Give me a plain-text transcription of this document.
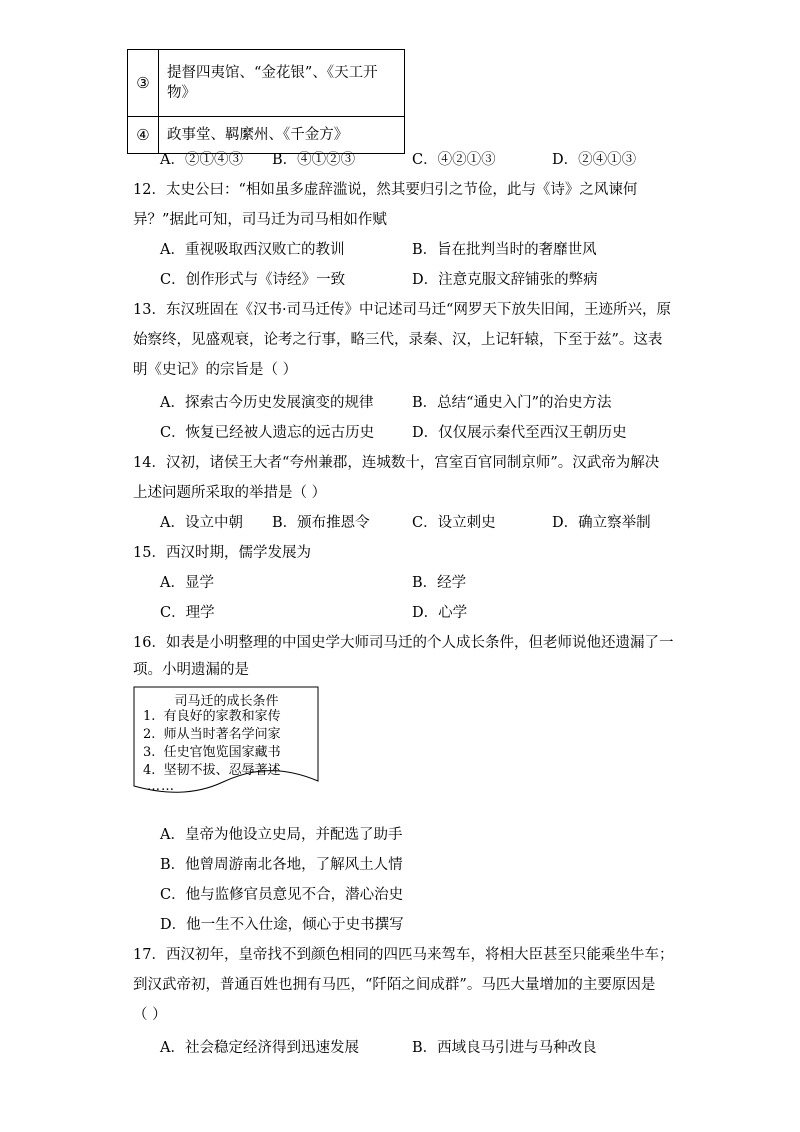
③	提督四夷馆、“金花银”、《天工开物》
④	政事堂、羁縻州、《千金方》
A．②①④③ B．④①②③	C．④②①③	D．②④①③
12．太史公曰：“相如虽多虚辞滥说，然其要归引之节俭，此与《诗》之风谏何
异？”据此可知，司马迁为司马相如作赋
A．重视吸取西汉败亡的教训	B．旨在批判当时的奢靡世风
C．创作形式与《诗经》一致	D．注意克服文辞铺张的弊病
13．东汉班固在《汉书·司马迁传》中记述司马迁“网罗天下放失旧闻，王迹所兴，原
始察终，见盛观衰，论考之行事，略三代，录秦、汉，上记轩辕，下至于兹”。这表
明《史记》的宗旨是（ ）
A．探索古今历史发展演变的规律	B．总结“通史入门”的治史方法
C．恢复已经被人遗忘的远古历史	D．仅仅展示秦代至西汉王朝历史
14．汉初，诸侯王大者“夸州兼郡，连城数十，宫室百官同制京师”。汉武帝为解决
上述问题所采取的举措是（ ）
A．设立中朝 B．颁布推恩令	C．设立刺史	D．确立察举制
15．西汉时期，儒学发展为
A．显学	B．经学
C．理学	D．心学
16．如表是小明整理的中国史学大师司马迁的个人成长条件，但老师说他还遗漏了一
项。小明遗漏的是
司马迁的成长条件
1. 有良好的家教和家传
2. 师从当时著名学问家
3. 任史官饱览国家藏书
4. 坚韧不拔、忍辱著述
……
A．皇帝为他设立史局，并配选了助手
B．他曾周游南北各地，了解风土人情
C．他与监修官员意见不合，潜心治史
D．他一生不入仕途，倾心于史书撰写
17．西汉初年，皇帝找不到颜色相同的四匹马来驾车，将相大臣甚至只能乘坐牛车；
到汉武帝初，普通百姓也拥有马匹，“阡陌之间成群”。马匹大量增加的主要原因是
（ ）
A．社会稳定经济得到迅速发展	B．西域良马引进与马种改良
